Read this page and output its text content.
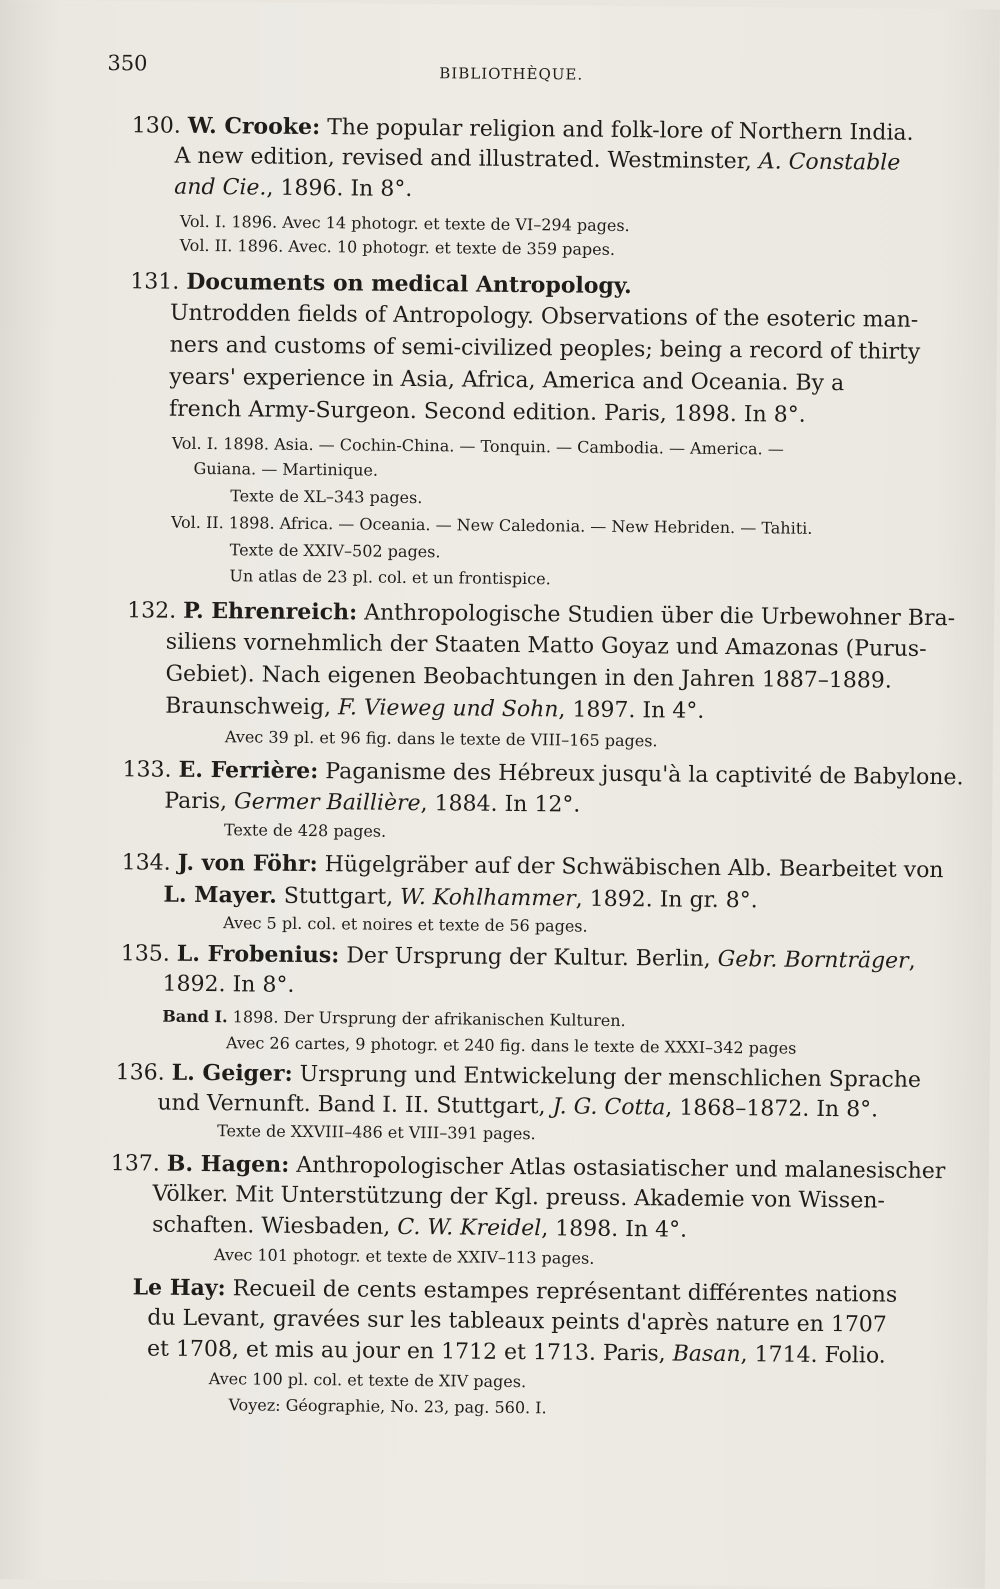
350	BIBLIOTHÈQUE.
130. W. Crooke: The popular religion and folk-lore of Northern India.
A new edition, revised and illustrated. Westminster, A. Constable
and Cie., 1896. In 8°.
Vol. I. 1896. Avec 14 photogr. et texte de VI–294 pages.
Vol. II. 1896. Avec. 10 photogr. et texte de 359 papes.
131. Documents on medical Antropology.
Untrodden fields of Antropology. Observations of the esoteric man-
ners and customs of semi-civilized peoples; being a record of thirty
years' experience in Asia, Africa, America and Oceania. By a
french Army-Surgeon. Second edition. Paris, 1898. In 8°.
Vol. I. 1898. Asia. — Cochin-China. — Tonquin. — Cambodia. — America. —
Guiana. — Martinique.
Texte de XL–343 pages.
Vol. II. 1898. Africa. — Oceania. — New Caledonia. — New Hebriden. — Tahiti.
Texte de XXIV–502 pages.
Un atlas de 23 pl. col. et un frontispice.
132. P. Ehrenreich: Anthropologische Studien über die Urbewohner Bra-
siliens vornehmlich der Staaten Matto Goyaz und Amazonas (Purus-
Gebiet). Nach eigenen Beobachtungen in den Jahren 1887–1889.
Braunschweig, F. Vieweg und Sohn, 1897. In 4°.
Avec 39 pl. et 96 fig. dans le texte de VIII–165 pages.
133. E. Ferrière: Paganisme des Hébreux jusqu'à la captivité de Babylone.
Paris, Germer Baillière, 1884. In 12°.
Texte de 428 pages.
134. J. von Föhr: Hügelgräber auf der Schwäbischen Alb. Bearbeitet von
L. Mayer. Stuttgart, W. Kohlhammer, 1892. In gr. 8°.
Avec 5 pl. col. et noires et texte de 56 pages.
135. L. Frobenius: Der Ursprung der Kultur. Berlin, Gebr. Bornträger,
1892. In 8°.
Band I. 1898. Der Ursprung der afrikanischen Kulturen.
Avec 26 cartes, 9 photogr. et 240 fig. dans le texte de XXXI–342 pages
136. L. Geiger: Ursprung und Entwickelung der menschlichen Sprache
und Vernunft. Band I. II. Stuttgart, J. G. Cotta, 1868–1872. In 8°.
Texte de XXVIII–486 et VIII–391 pages.
137. B. Hagen: Anthropologischer Atlas ostasiatischer und malanesischer
Völker. Mit Unterstützung der Kgl. preuss. Akademie von Wissen-
schaften. Wiesbaden, C. W. Kreidel, 1898. In 4°.
Avec 101 photogr. et texte de XXIV–113 pages.
Le Hay: Recueil de cents estampes représentant différentes nations
du Levant, gravées sur les tableaux peints d'après nature en 1707
et 1708, et mis au jour en 1712 et 1713. Paris, Basan, 1714. Folio.
Avec 100 pl. col. et texte de XIV pages.
Voyez: Géographie, No. 23, pag. 560. I.
